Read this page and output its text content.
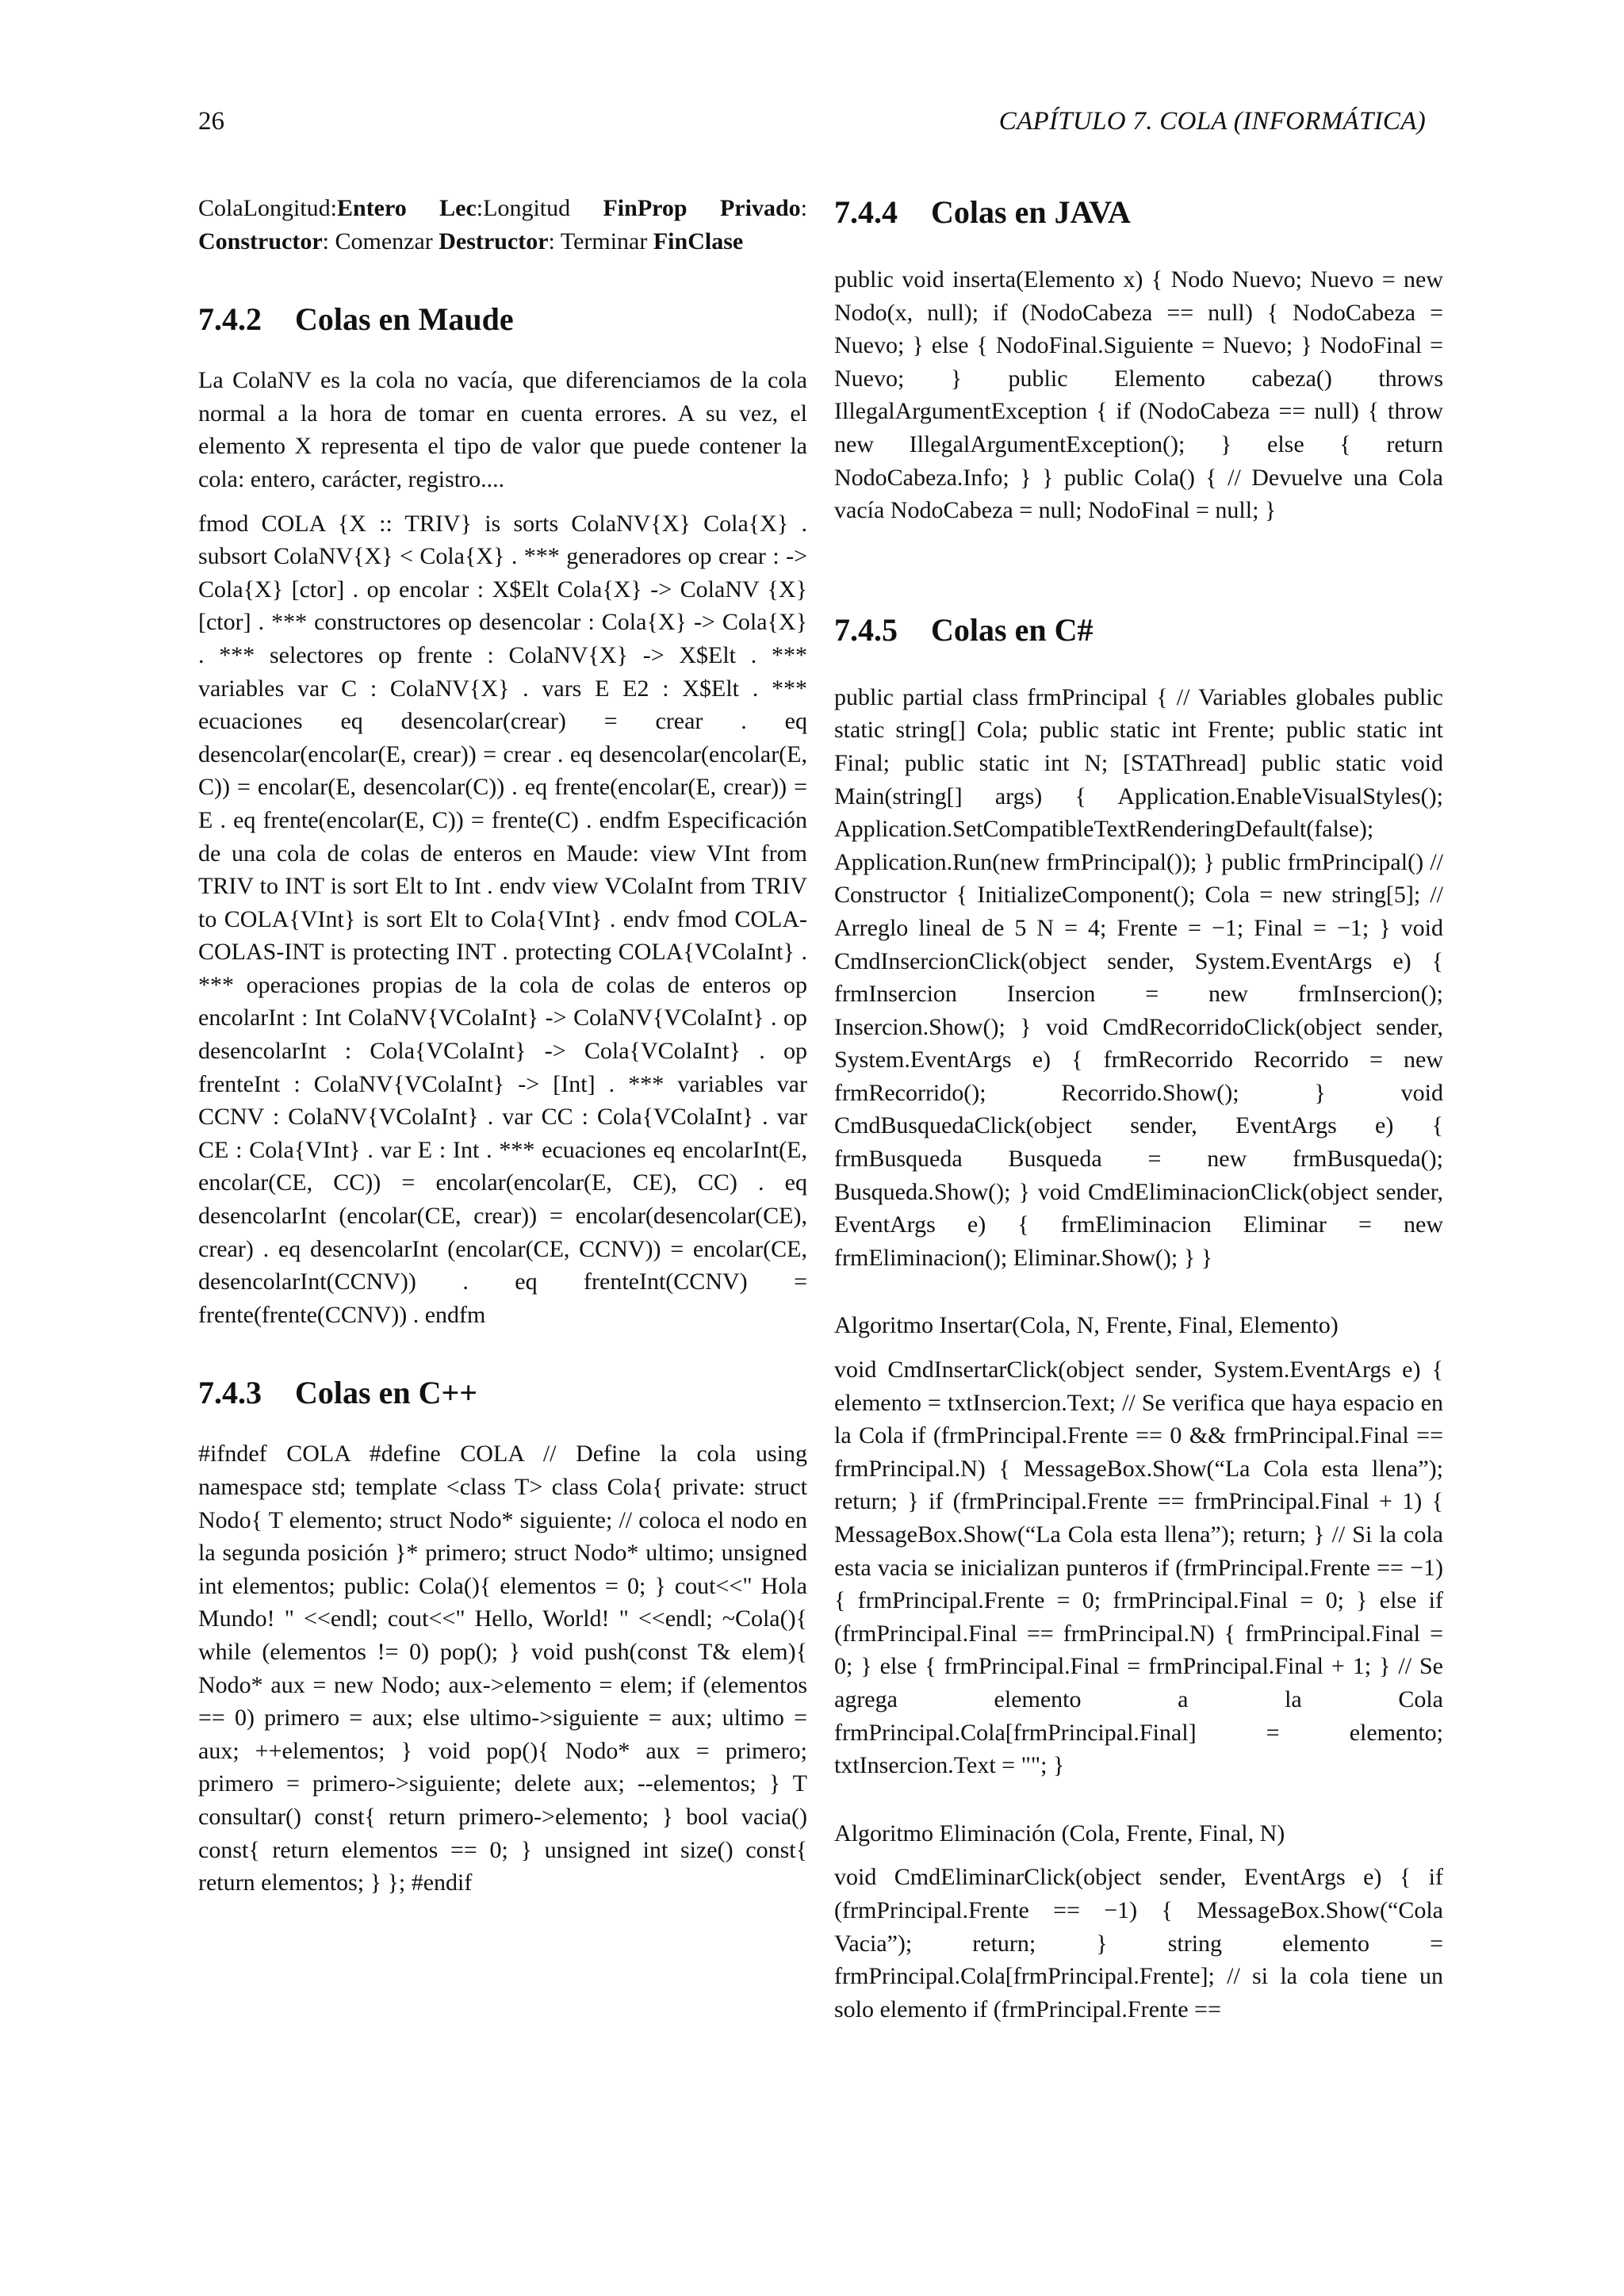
26	CAPÍTULO 7. COLA (INFORMÁTICA)

ColaLongitud:Entero Lec:Longitud FinProp Privado: Constructor: Comenzar Destructor: Terminar FinClase

7.4.2 Colas en Maude

La ColaNV es la cola no vacía, que diferenciamos de la cola normal a la hora de tomar en cuenta errores. A su vez, el elemento X representa el tipo de valor que puede contener la cola: entero, carácter, registro....

fmod COLA {X :: TRIV} is sorts ColaNV{X} Cola{X} . subsort ColaNV{X} < Cola{X} . *** generadores op crear : -> Cola{X} [ctor] . op encolar : X$Elt Cola{X} -> ColaNV {X} [ctor] . *** constructores op desencolar : Cola{X} -> Cola{X} . *** selectores op frente : ColaNV{X} -> X$Elt . *** variables var C : ColaNV{X} . vars E E2 : X$Elt . *** ecuaciones eq desencolar(crear) = crear . eq desencolar(encolar(E, crear)) = crear . eq desencolar(encolar(E, C)) = encolar(E, desencolar(C)) . eq frente(encolar(E, crear)) = E . eq frente(encolar(E, C)) = frente(C) . endfm Especificación de una cola de colas de enteros en Maude: view VInt from TRIV to INT is sort Elt to Int . endv view VColaInt from TRIV to COLA{VInt} is sort Elt to Cola{VInt} . endv fmod COLA-COLAS-INT is protecting INT . protecting COLA{VColaInt} . *** operaciones propias de la cola de colas de enteros op encolarInt : Int ColaNV{VColaInt} -> ColaNV{VColaInt} . op desencolarInt : Cola{VColaInt} -> Cola{VColaInt} . op frenteInt : ColaNV{VColaInt} -> [Int] . *** variables var CCNV : ColaNV{VColaInt} . var CC : Cola{VColaInt} . var CE : Cola{VInt} . var E : Int . *** ecuaciones eq encolarInt(E, encolar(CE, CC)) = encolar(encolar(E, CE), CC) . eq desencolarInt (encolar(CE, crear)) = encolar(desencolar(CE), crear) . eq desencolarInt (encolar(CE, CCNV)) = encolar(CE, desencolarInt(CCNV)) . eq frenteInt(CCNV) = frente(frente(CCNV)) . endfm

7.4.3 Colas en C++

#ifndef COLA #define COLA // Define la cola using namespace std; template <class T> class Cola{ private: struct Nodo{ T elemento; struct Nodo* siguiente; // coloca el nodo en la segunda posición }* primero; struct Nodo* ultimo; unsigned int elementos; public: Cola(){ elementos = 0; } cout<<" Hola Mundo! " <<endl; cout<<" Hello, World! " <<endl; ~Cola(){ while (elementos != 0) pop(); } void push(const T& elem){ Nodo* aux = new Nodo; aux->elemento = elem; if (elementos == 0) primero = aux; else ultimo->siguiente = aux; ultimo = aux; ++elementos; } void pop(){ Nodo* aux = primero; primero = primero->siguiente; delete aux; --elementos; } T consultar() const{ return primero->elemento; } bool vacia() const{ return elementos == 0; } unsigned int size() const{ return elementos; } }; #endif

7.4.4 Colas en JAVA

public void inserta(Elemento x) { Nodo Nuevo; Nuevo = new Nodo(x, null); if (NodoCabeza == null) { NodoCabeza = Nuevo; } else { NodoFinal.Siguiente = Nuevo; } NodoFinal = Nuevo; } public Elemento cabeza() throws IllegalArgumentException { if (NodoCabeza == null) { throw new IllegalArgumentException(); } else { return NodoCabeza.Info; } } public Cola() { // Devuelve una Cola vacía NodoCabeza = null; NodoFinal = null; }

7.4.5 Colas en C#

public partial class frmPrincipal { // Variables globales public static string[] Cola; public static int Frente; public static int Final; public static int N; [STAThread] public static void Main(string[] args) { Application.EnableVisualStyles(); Application.SetCompatibleTextRenderingDefault(false); Application.Run(new frmPrincipal()); } public frmPrincipal() // Constructor { InitializeComponent(); Cola = new string[5]; // Arreglo lineal de 5 N = 4; Frente = −1; Final = −1; } void CmdInsercionClick(object sender, System.EventArgs e) { frmInsercion Insercion = new frmInsercion(); Insercion.Show(); } void CmdRecorridoClick(object sender, System.EventArgs e) { frmRecorrido Recorrido = new frmRecorrido(); Recorrido.Show(); } void CmdBusquedaClick(object sender, EventArgs e) { frmBusqueda Busqueda = new frmBusqueda(); Busqueda.Show(); } void CmdEliminacionClick(object sender, EventArgs e) { frmEliminacion Eliminar = new frmEliminacion(); Eliminar.Show(); } }

Algoritmo Insertar(Cola, N, Frente, Final, Elemento)

void CmdInsertarClick(object sender, System.EventArgs e) { elemento = txtInsercion.Text; // Se verifica que haya espacio en la Cola if (frmPrincipal.Frente == 0 && frmPrincipal.Final == frmPrincipal.N) { MessageBox.Show(“La Cola esta llena”); return; } if (frmPrincipal.Frente == frmPrincipal.Final + 1) { MessageBox.Show(“La Cola esta llena”); return; } // Si la cola esta vacia se inicializan punteros if (frmPrincipal.Frente == −1) { frmPrincipal.Frente = 0; frmPrincipal.Final = 0; } else if (frmPrincipal.Final == frmPrincipal.N) { frmPrincipal.Final = 0; } else { frmPrincipal.Final = frmPrincipal.Final + 1; } // Se agrega elemento a la Cola frmPrincipal.Cola[frmPrincipal.Final] = elemento; txtInsercion.Text = ""; }

Algoritmo Eliminación (Cola, Frente, Final, N)

void CmdEliminarClick(object sender, EventArgs e) { if (frmPrincipal.Frente == −1) { MessageBox.Show(“Cola Vacia”); return; } string elemento = frmPrincipal.Cola[frmPrincipal.Frente]; // si la cola tiene un solo elemento if (frmPrincipal.Frente ==
